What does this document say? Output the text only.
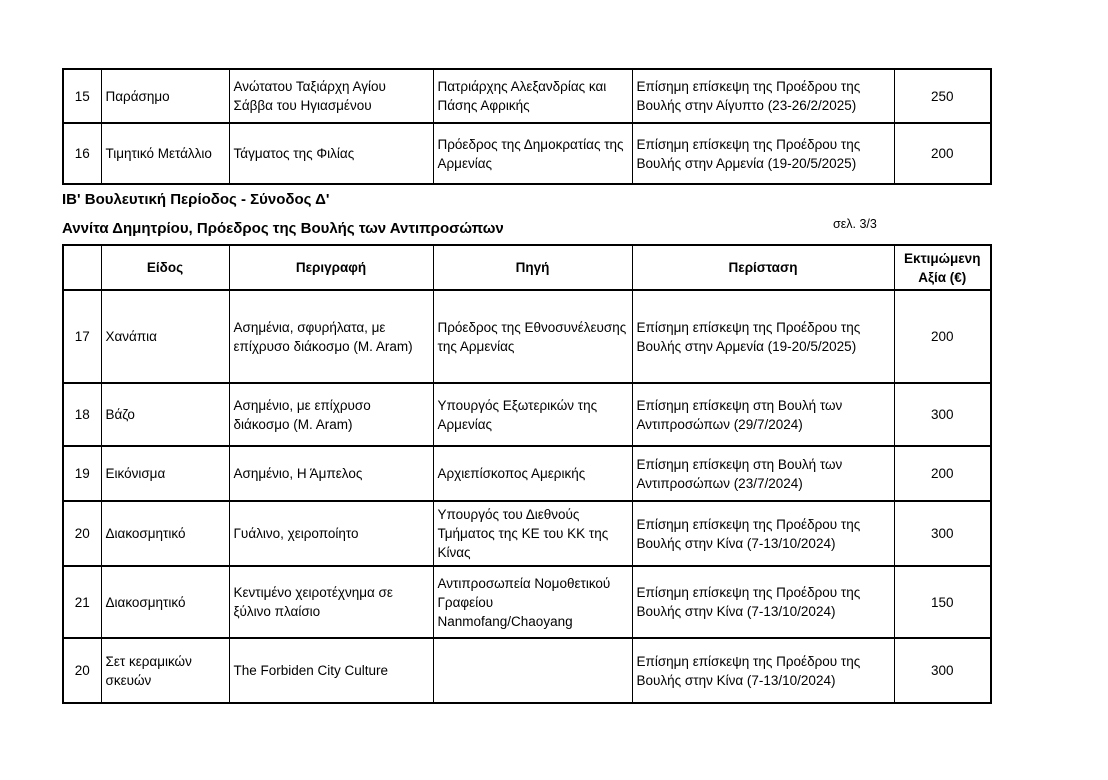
15	Παράσημο	Ανώτατου Ταξιάρχη Αγίου Σάββα του Ηγιασμένου	Πατριάρχης Αλεξανδρίας και Πάσης Αφρικής	Επίσημη επίσκεψη της Προέδρου της Βουλής στην Αίγυπτο (23-26/2/2025)	250
16	Τιμητικό Μετάλλιο	Τάγματος της Φιλίας	Πρόεδρος της Δημοκρατίας της Αρμενίας	Επίσημη επίσκεψη της Προέδρου της Βουλής στην Αρμενία (19-20/5/2025)	200
ΙΒ' Βουλευτική Περίοδος - Σύνοδος Δ'
Αννίτα Δημητρίου, Πρόεδρος της Βουλής των Αντιπροσώπων	σελ. 3/3
	Είδος	Περιγραφή	Πηγή	Περίσταση	Εκτιμώμενη Αξία (€)
17	Χανάπια	Ασημένια, σφυρήλατα, με επίχρυσο διάκοσμο (M. Aram)	Πρόεδρος της Εθνοσυνέλευσης της Αρμενίας	Επίσημη επίσκεψη της Προέδρου της Βουλής στην Αρμενία (19-20/5/2025)	200
18	Βάζο	Ασημένιο, με επίχρυσο διάκοσμο (M. Aram)	Υπουργός Εξωτερικών της Αρμενίας	Επίσημη επίσκεψη στη Βουλή των Αντιπροσώπων (29/7/2024)	300
19	Εικόνισμα	Ασημένιο, Η Άμπελος	Αρχιεπίσκοπος Αμερικής	Επίσημη επίσκεψη στη Βουλή των Αντιπροσώπων (23/7/2024)	200
20	Διακοσμητικό	Γυάλινο, χειροποίητο	Υπουργός του Διεθνούς Τμήματος της ΚΕ του ΚΚ της Κίνας	Επίσημη επίσκεψη της Προέδρου της Βουλής στην Κίνα (7-13/10/2024)	300
21	Διακοσμητικό	Κεντιμένο χειροτέχνημα σε ξύλινο πλαίσιο	Αντιπροσωπεία Νομοθετικού Γραφείου Nanmofang/Chaoyang	Επίσημη επίσκεψη της Προέδρου της Βουλής στην Κίνα (7-13/10/2024)	150
20	Σετ κεραμικών σκευών	The Forbiden City Culture		Επίσημη επίσκεψη της Προέδρου της Βουλής στην Κίνα (7-13/10/2024)	300
